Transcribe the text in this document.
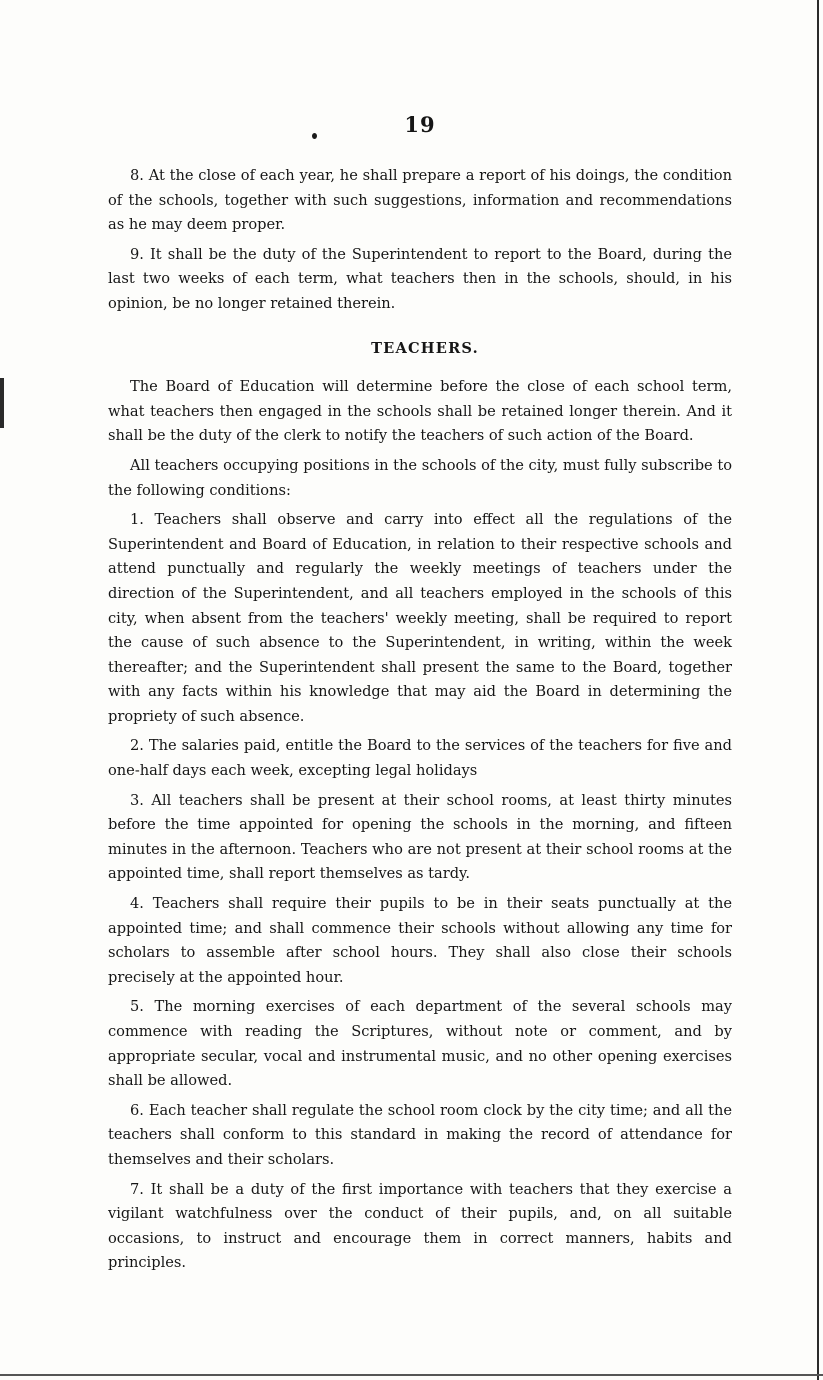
19

8. At the close of each year, he shall prepare a report of his doings, the condition of the schools, together with such suggestions, information and recommendations as he may deem proper.

9. It shall be the duty of the Superintendent to report to the Board, during the last two weeks of each term, what teachers then in the schools, should, in his opinion, be no longer retained therein.

TEACHERS.

The Board of Education will determine before the close of each school term, what teachers then engaged in the schools shall be retained longer therein. And it shall be the duty of the clerk to notify the teachers of such action of the Board.

All teachers occupying positions in the schools of the city, must fully subscribe to the following conditions:

1. Teachers shall observe and carry into effect all the regulations of the Superintendent and Board of Education, in relation to their respective schools and attend punctually and regularly the weekly meetings of teachers under the direction of the Superintendent, and all teachers employed in the schools of this city, when absent from the teachers' weekly meeting, shall be required to report the cause of such absence to the Superintendent, in writing, within the week thereafter; and the Superintendent shall present the same to the Board, together with any facts within his knowledge that may aid the Board in determining the propriety of such absence.

2. The salaries paid, entitle the Board to the services of the teachers for five and one-half days each week, excepting legal holidays

3. All teachers shall be present at their school rooms, at least thirty minutes before the time appointed for opening the schools in the morning, and fifteen minutes in the afternoon. Teachers who are not present at their school rooms at the appointed time, shall report themselves as tardy.

4. Teachers shall require their pupils to be in their seats punctually at the appointed time; and shall commence their schools without allowing any time for scholars to assemble after school hours. They shall also close their schools precisely at the appointed hour.

5. The morning exercises of each department of the several schools may commence with reading the Scriptures, without note or comment, and by appropriate secular, vocal and instrumental music, and no other opening exercises shall be allowed.

6. Each teacher shall regulate the school room clock by the city time; and all the teachers shall conform to this standard in making the record of attendance for themselves and their scholars.

7. It shall be a duty of the first importance with teachers that they exercise a vigilant watchfulness over the conduct of their pupils, and, on all suitable occasions, to instruct and encourage them in correct manners, habits and principles.
